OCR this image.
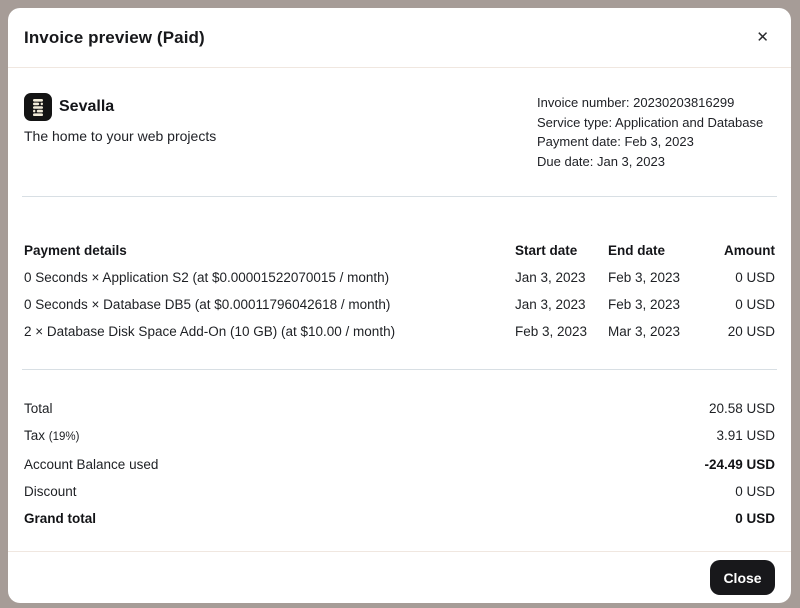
Invoice preview (Paid)	✕
Sevalla
The home to your web projects
Invoice number: 20230203816299
Service type: Application and Database
Payment date: Feb 3, 2023
Due date: Jan 3, 2023
Payment details	Start date	End date	Amount
0 Seconds × Application S2 (at $0.00001522070015 / month)	Jan 3, 2023	Feb 3, 2023	0 USD
0 Seconds × Database DB5 (at $0.00011796042618 / month)	Jan 3, 2023	Feb 3, 2023	0 USD
2 × Database Disk Space Add-On (10 GB) (at $10.00 / month)	Feb 3, 2023	Mar 3, 2023	20 USD
Total	20.58 USD
Tax (19%)	3.91 USD
Account Balance used	-24.49 USD
Discount	0 USD
Grand total	0 USD
Close
